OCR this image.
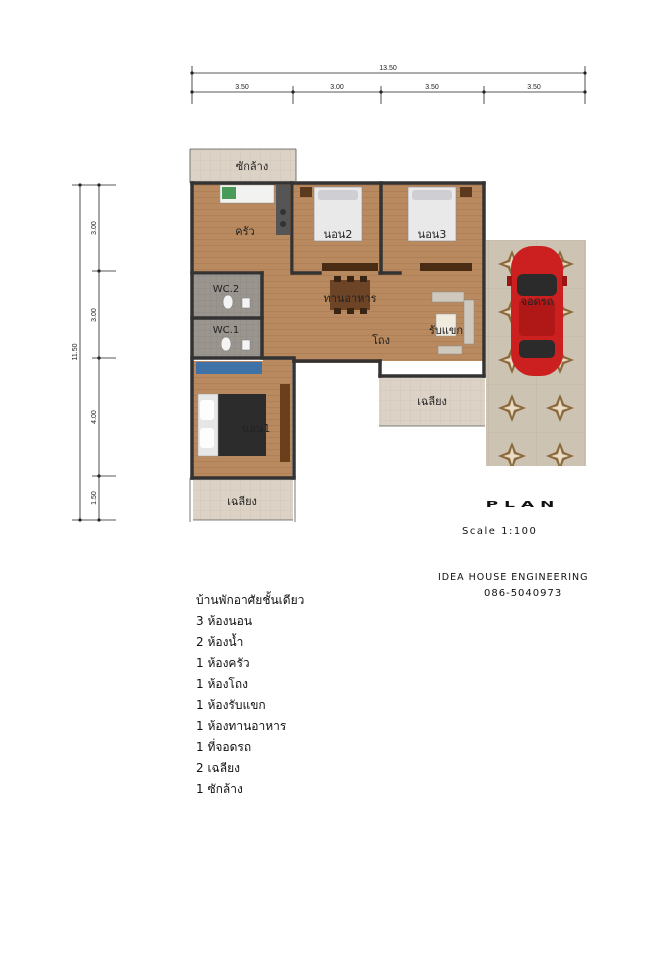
13.50
3.50	3.00	3.50	3.50
11.50
3.00
3.00
4.00
1.50
ซักล้าง
ครัว	นอน2	นอน3
WC.2
WC.1
ทานอาหาร
รับแขก
โถง
นอน1
เฉลียง
เฉลียง
จอดรถ
PLAN
Scale 1:100
IDEA HOUSE ENGINEERING
086-5040973
บ้านพักอาศัยชั้นเดียว
3 ห้องนอน
2 ห้องน้ำ
1 ห้องครัว
1 ห้องโถง
1 ห้องรับแขก
1 ห้องทานอาหาร
1 ที่จอดรถ
2 เฉลียง
1 ซักล้าง
